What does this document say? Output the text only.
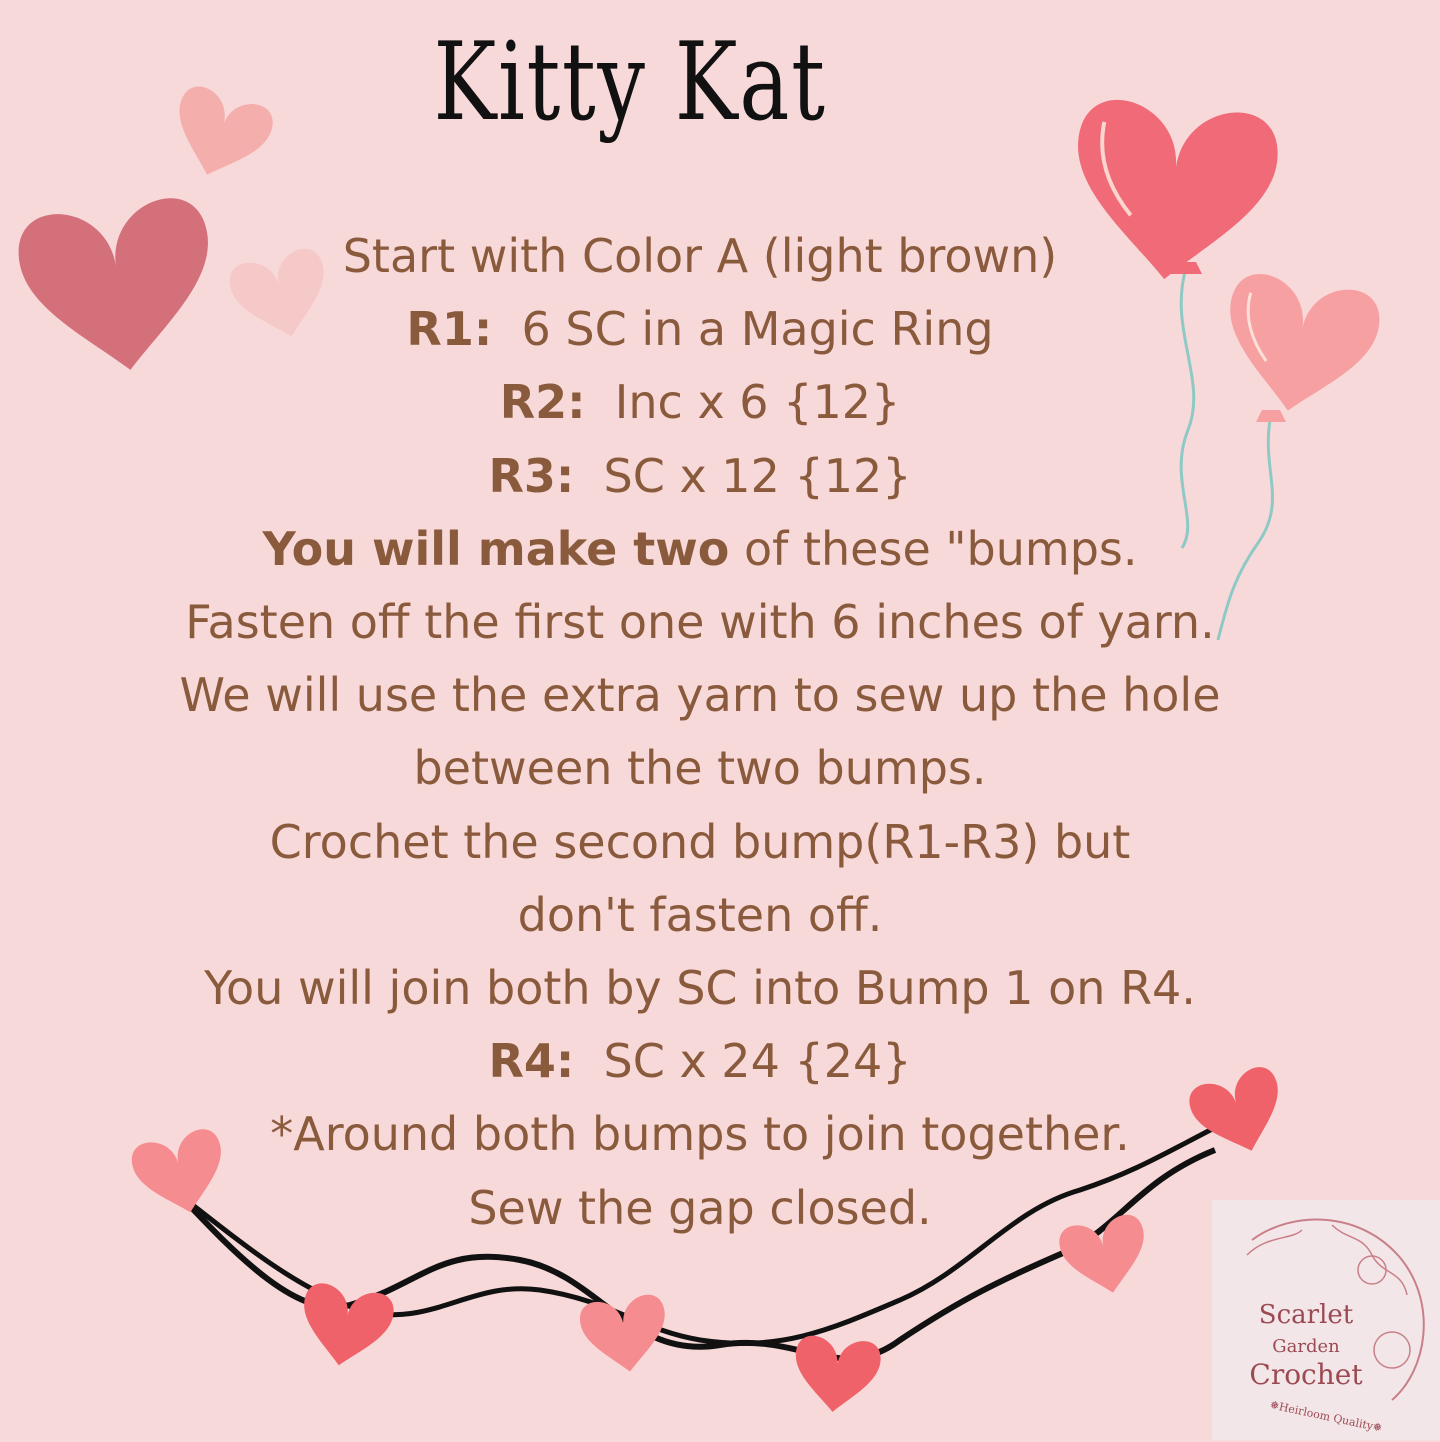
Kitty Kat
Start with Color A (light brown)
R1:  6 SC in a Magic Ring
R2:  Inc x 6 {12}
R3:  SC x 12 {12}
You will make two of these "bumps.
Fasten off the first one with 6 inches of yarn.
We will use the extra yarn to sew up the hole
between the two bumps.
Crochet the second bump(R1-R3) but
don't fasten off.
You will join both by SC into Bump 1 on R4.
R4:  SC x 24 {24}
*Around both bumps to join together.
Sew the gap closed.
Scarlet
Garden
Crochet
❅Heirloom Quality❅
